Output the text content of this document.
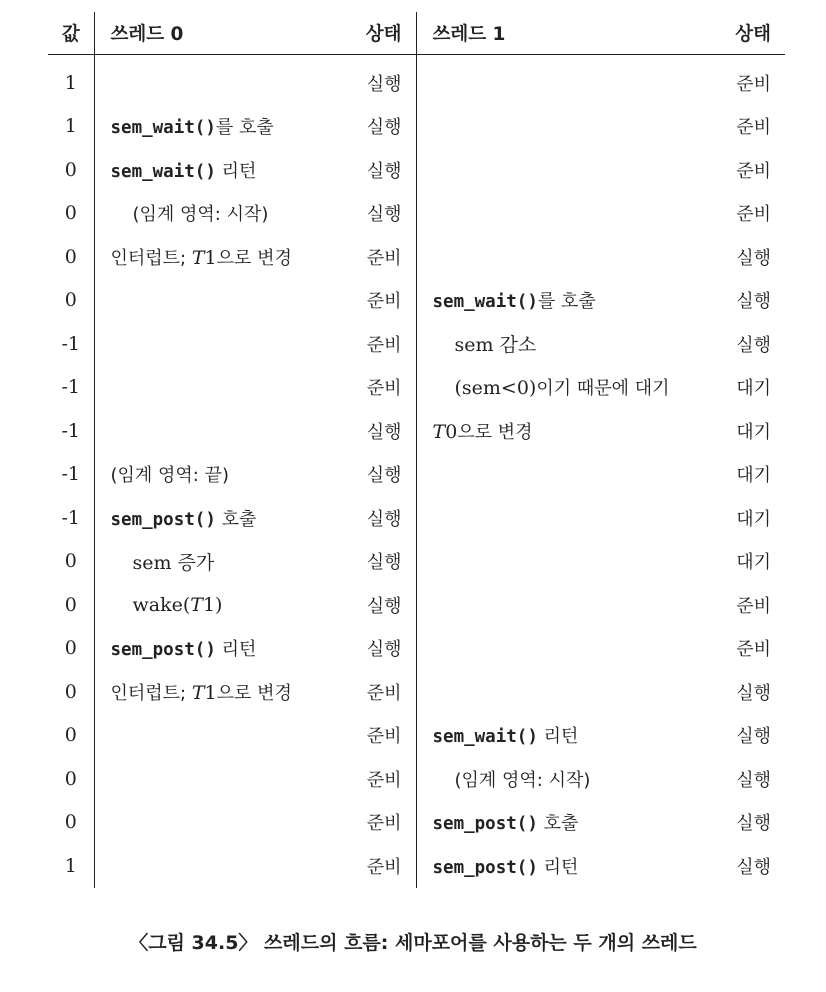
값	쓰레드 0	상태	쓰레드 1	상태
1		실행		준비
1	sem_wait()를 호출	실행		준비
0	sem_wait() 리턴	실행		준비
0	(임계 영역: 시작)	실행		준비
0	인터럽트; T1으로 변경	준비		실행
0		준비	sem_wait()를 호출	실행
-1		준비	sem 감소	실행
-1		준비	(sem<0)이기 때문에 대기	대기
-1		실행	T0으로 변경	대기
-1	(임계 영역: 끝)	실행		대기
-1	sem_post() 호출	실행		대기
0	sem 증가	실행		대기
0	wake(T1)	실행		준비
0	sem_post() 리턴	실행		준비
0	인터럽트; T1으로 변경	준비		실행
0		준비	sem_wait() 리턴	실행
0		준비	(임계 영역: 시작)	실행
0		준비	sem_post() 호출	실행
1		준비	sem_post() 리턴	실행
〈그림 34.5〉 쓰레드의 흐름: 세마포어를 사용하는 두 개의 쓰레드
